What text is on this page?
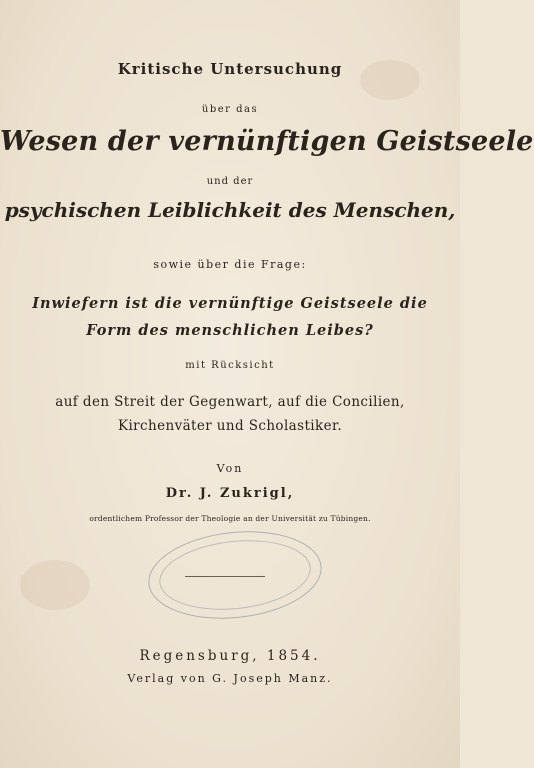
Kritische Untersuchung
über das
Wesen der vernünftigen Geistseele
und der
psychischen Leiblichkeit des Menschen,
sowie über die Frage:
Inwiefern ist die vernünftige Geistseele die
Form des menschlichen Leibes?
mit Rücksicht
auf den Streit der Gegenwart, auf die Concilien,
Kirchenväter und Scholastiker.
Von
Dr. J. Zukrigl,
ordentlichem Professor der Theologie an der Universität zu Tübingen.
Regensburg, 1854.
Verlag von G. Joseph Manz.
